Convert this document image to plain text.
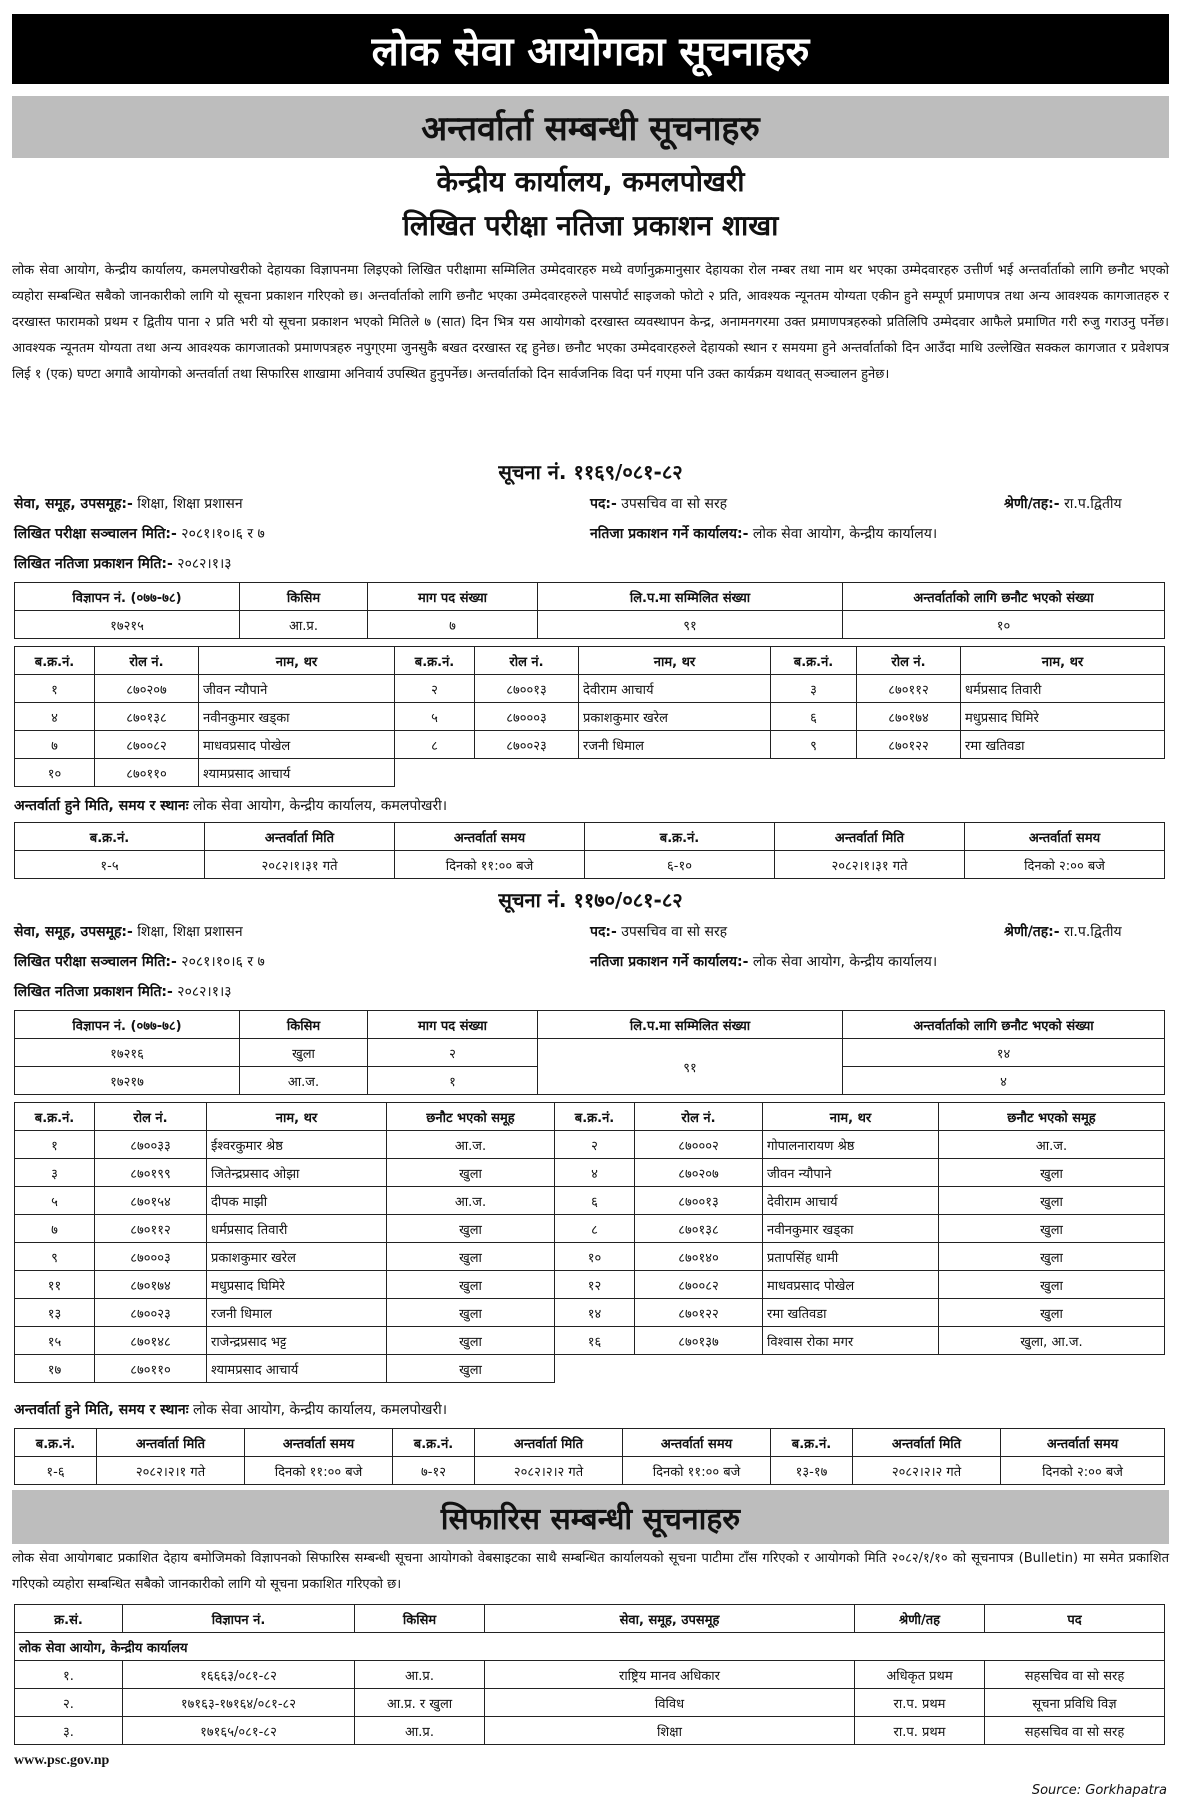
लोक सेवा आयोगका सूचनाहरु
अन्तर्वार्ता सम्बन्धी सूचनाहरु
केन्द्रीय कार्यालय, कमलपोखरी
लिखित परीक्षा नतिजा प्रकाशन शाखा
लोक सेवा आयोग, केन्द्रीय कार्यालय, कमलपोखरीको देहायका विज्ञापनमा लिइएको लिखित परीक्षामा सम्मिलित उम्मेदवारहरु मध्ये वर्णानुक्रमानुसार देहायका रोल नम्बर तथा नाम थर भएका उम्मेदवारहरु उत्तीर्ण भई अन्तर्वार्ताको लागि छनौट भएको व्यहोरा सम्बन्धित सबैको जानकारीको लागि यो सूचना प्रकाशन गरिएको छ। अन्तर्वार्ताको लागि छनौट भएका उम्मेदवारहरुले पासपोर्ट साइजको फोटो २ प्रति, आवश्यक न्यूनतम योग्यता एकीन हुने सम्पूर्ण प्रमाणपत्र तथा अन्य आवश्यक कागजातहरु र दरखास्त फारामको प्रथम र द्वितीय पाना २ प्रति भरी यो सूचना प्रकाशन भएको मितिले ७ (सात) दिन भित्र यस आयोगको दरखास्त व्यवस्थापन केन्द्र, अनामनगरमा उक्त प्रमाणपत्रहरुको प्रतिलिपि उम्मेदवार आफैले प्रमाणित गरी रुजु गराउनु पर्नेछ। आवश्यक न्यूनतम योग्यता तथा अन्य आवश्यक कागजातको प्रमाणपत्रहरु नपुग्एमा जुनसुकै बखत दरखास्त रद्द हुनेछ। छनौट भएका उम्मेदवारहरुले देहायको स्थान र समयमा हुने अन्तर्वार्ताको दिन आउँदा माथि उल्लेखित सक्कल कागजात र प्रवेशपत्र लिई १ (एक) घण्टा अगावै आयोगको अन्तर्वार्ता तथा सिफारिस शाखामा अनिवार्य उपस्थित हुनुपर्नेछ। अन्तर्वार्ताको दिन सार्वजनिक विदा पर्न गएमा पनि उक्त कार्यक्रम यथावत् सञ्चालन हुनेछ।
सूचना नं. ११६९/०८१-८२
सेवा, समूह, उपसमूह:- शिक्षा, शिक्षा प्रशासन	पद:- उपसचिव वा सो सरह	श्रेणी/तह:- रा.प.द्वितीय
लिखित परीक्षा सञ्चालन मिति:- २०८१।१०।६ र ७	नतिजा प्रकाशन गर्ने कार्यालय:- लोक सेवा आयोग, केन्द्रीय कार्यालय।
लिखित नतिजा प्रकाशन मिति:- २०८२।१।३
विज्ञापन नं. (०७७-७८)	किसिम	माग पद संख्या	लि.प.मा सम्मिलित संख्या	अन्तर्वार्ताको लागि छनौट भएको संख्या
१७२१५	आ.प्र.	७	९१	१०
ब.क्र.नं.	रोल नं.	नाम, थर	ब.क्र.नं.	रोल नं.	नाम, थर	ब.क्र.नं.	रोल नं.	नाम, थर
१	८७०२०७	जीवन न्यौपाने	२	८७००१३	देवीराम आचार्य	३	८७०११२	धर्मप्रसाद तिवारी
४	८७०१३८	नवीनकुमार खड्का	५	८७०००३	प्रकाशकुमार खरेल	६	८७०१७४	मधुप्रसाद घिमिरे
७	८७००८२	माधवप्रसाद पोखेल	८	८७००२३	रजनी धिमाल	९	८७०१२२	रमा खतिवडा
१०	८७०११०	श्यामप्रसाद आचार्य						
अन्तर्वार्ता हुने मिति, समय र स्थानः लोक सेवा आयोग, केन्द्रीय कार्यालय, कमलपोखरी।
ब.क्र.नं.	अन्तर्वार्ता मिति	अन्तर्वार्ता समय	ब.क्र.नं.	अन्तर्वार्ता मिति	अन्तर्वार्ता समय
१-५	२०८२।१।३१ गते	दिनको ११:०० बजे	६-१०	२०८२।१।३१ गते	दिनको २:०० बजे
सूचना नं. ११७०/०८१-८२
सेवा, समूह, उपसमूह:- शिक्षा, शिक्षा प्रशासन	पद:- उपसचिव वा सो सरह	श्रेणी/तह:- रा.प.द्वितीय
लिखित परीक्षा सञ्चालन मिति:- २०८१।१०।६ र ७	नतिजा प्रकाशन गर्ने कार्यालय:- लोक सेवा आयोग, केन्द्रीय कार्यालय।
लिखित नतिजा प्रकाशन मिति:- २०८२।१।३
विज्ञापन नं. (०७७-७८)	किसिम	माग पद संख्या	लि.प.मा सम्मिलित संख्या	अन्तर्वार्ताको लागि छनौट भएको संख्या
१७२१६	खुला	२	९१	१४
१७२१७	आ.ज.	१		४
ब.क्र.नं.	रोल नं.	नाम, थर	छनौट भएको समूह	ब.क्र.नं.	रोल नं.	नाम, थर	छनौट भएको समूह
१	८७००३३	ईश्वरकुमार श्रेष्ठ	आ.ज.	२	८७०००२	गोपालनारायण श्रेष्ठ	आ.ज.
३	८७०१९९	जितेन्द्रप्रसाद ओझा	खुला	४	८७०२०७	जीवन न्यौपाने	खुला
५	८७०१५४	दीपक माझी	आ.ज.	६	८७००१३	देवीराम आचार्य	खुला
७	८७०११२	धर्मप्रसाद तिवारी	खुला	८	८७०१३८	नवीनकुमार खड्का	खुला
९	८७०००३	प्रकाशकुमार खरेल	खुला	१०	८७०१४०	प्रतापसिंह धामी	खुला
११	८७०१७४	मधुप्रसाद घिमिरे	खुला	१२	८७००८२	माधवप्रसाद पोखेल	खुला
१३	८७००२३	रजनी धिमाल	खुला	१४	८७०१२२	रमा खतिवडा	खुला
१५	८७०१४८	राजेन्द्रप्रसाद भट्ट	खुला	१६	८७०१३७	विश्वास रोका मगर	खुला, आ.ज.
१७	८७०११०	श्यामप्रसाद आचार्य	खुला				
अन्तर्वार्ता हुने मिति, समय र स्थानः लोक सेवा आयोग, केन्द्रीय कार्यालय, कमलपोखरी।
ब.क्र.नं.	अन्तर्वार्ता मिति	अन्तर्वार्ता समय	ब.क्र.नं.	अन्तर्वार्ता मिति	अन्तर्वार्ता समय	ब.क्र.नं.	अन्तर्वार्ता मिति	अन्तर्वार्ता समय
१-६	२०८२।२।१ गते	दिनको ११:०० बजे	७-१२	२०८२।२।२ गते	दिनको ११:०० बजे	१३-१७	२०८२।२।२ गते	दिनको २:०० बजे
सिफारिस सम्बन्धी सूचनाहरु
लोक सेवा आयोगबाट प्रकाशित देहाय बमोजिमको विज्ञापनको सिफारिस सम्बन्धी सूचना आयोगको वेबसाइटका साथै सम्बन्धित कार्यालयको सूचना पाटीमा टाँस गरिएको र आयोगको मिति २०८२/१/१० को सूचनापत्र (Bulletin) मा समेत प्रकाशित गरिएको व्यहोरा सम्बन्धित सबैको जानकारीको लागि यो सूचना प्रकाशित गरिएको छ।
क्र.सं.	विज्ञापन नं.	किसिम	सेवा, समूह, उपसमूह	श्रेणी/तह	पद
लोक सेवा आयोग, केन्द्रीय कार्यालय					
१.	१६६६३/०८१-८२	आ.प्र.	राष्ट्रिय मानव अधिकार	अधिकृत प्रथम	सहसचिव वा सो सरह
२.	१७१६३-१७१६४/०८१-८२	आ.प्र. र खुला	विविध	रा.प. प्रथम	सूचना प्रविधि विज्ञ
३.	१७१६५/०८१-८२	आ.प्र.	शिक्षा	रा.प. प्रथम	सहसचिव वा सो सरह
www.psc.gov.np
Source: Gorkhapatra
